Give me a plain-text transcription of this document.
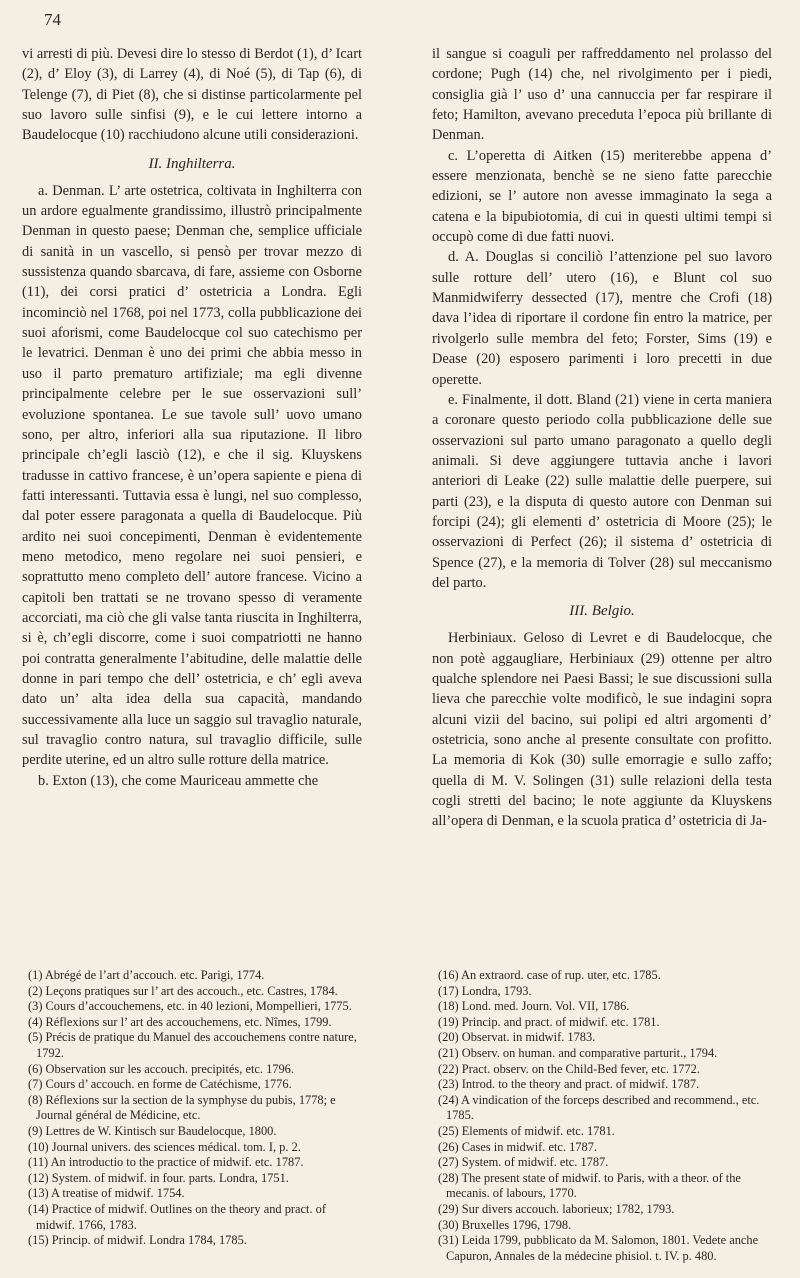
74

vi arresti di più. Devesi dire lo stesso di Berdot (1), d’ Icart (2), d’ Eloy (3), di Larrey (4), di Noé (5), di Tap (6), di Telenge (7), di Piet (8), che si distinse particolarmente pel suo lavoro sulle sinfisi (9), e le cui lettere intorno a Baudelocque (10) racchiudono alcune utili considerazioni.

II. Inghilterra.

a. Denman. L’ arte ostetrica, coltivata in Inghilterra con un ardore egualmente grandissimo, illustrò principalmente Denman in questo paese; Denman che, semplice ufficiale di sanità in un vascello, si pensò per trovar mezzo di sussistenza quando sbarcava, di fare, assieme con Osborne (11), dei corsi pratici d’ ostetricia a Londra. Egli incominciò nel 1768, poi nel 1773, colla pubblicazione dei suoi aforismi, come Baudelocque col suo catechismo per le levatrici. Denman è uno dei primi che abbia messo in uso il parto prematuro artifiziale; ma egli divenne principalmente celebre per le sue osservazioni sull’ evoluzione spontanea. Le sue tavole sull’ uovo umano sono, per altro, inferiori alla sua riputazione. Il libro principale ch’egli lasciò (12), e che il sig. Kluyskens tradusse in cattivo francese, è un’opera sapiente e piena di fatti interessanti. Tuttavia essa è lungi, nel suo complesso, dal poter essere paragonata a quella di Baudelocque. Più ardito nei suoi concepimenti, Denman è evidentemente meno metodico, meno regolare nei suoi pensieri, e soprattutto meno completo dell’ autore francese. Vicino a capitoli ben trattati se ne trovano spesso di veramente accorciati, ma ciò che gli valse tanta riuscita in Inghilterra, si è, ch’egli discorre, come i suoi compatriotti ne hanno poi contratta generalmente l’abitudine, delle malattie delle donne in pari tempo che dell’ ostetricia, e ch’ egli aveva dato un’ alta idea della sua capacità, mandando successivamente alla luce un saggio sul travaglio naturale, sul travaglio contro natura, sul travaglio difficile, sulle perdite uterine, ed un altro sulle rotture della matrice.

b. Exton (13), che come Mauriceau ammette che

il sangue si coaguli per raffreddamento nel prolasso del cordone; Pugh (14) che, nel rivolgimento per i piedi, consiglia già l’ uso d’ una cannuccia per far respirare il feto; Hamilton, avevano preceduta l’epoca più brillante di Denman.

c. L’operetta di Aitken (15) meriterebbe appena d’ essere menzionata, benchè se ne sieno fatte parecchie edizioni, se l’ autore non avesse immaginato la sega a catena e la bipubiotomia, di cui in questi ultimi tempi si occupò come di due fatti nuovi.

d. A. Douglas si conciliò l’attenzione pel suo lavoro sulle rotture dell’ utero (16), e Blunt col suo Manmidwiferry dessected (17), mentre che Crofi (18) dava l’idea di riportare il cordone fin entro la matrice, per rivolgerlo sulle membra del feto; Forster, Sims (19) e Dease (20) esposero parimenti i loro precetti in due operette.

e. Finalmente, il dott. Bland (21) viene in certa maniera a coronare questo periodo colla pubblicazione delle sue osservazioni sul parto umano paragonato a quello degli animali. Si deve aggiungere tuttavia anche i lavori anteriori di Leake (22) sulle malattie delle puerpere, sui parti (23), e la disputa di questo autore con Denman sui forcipi (24); gli elementi d’ ostetricia di Moore (25); le osservazioni di Perfect (26); il sistema d’ ostetricia di Spence (27), e la memoria di Tolver (28) sul meccanismo del parto.

III. Belgio.

Herbiniaux. Geloso di Levret e di Baudelocque, che non potè aggaugliare, Herbiniaux (29) ottenne per altro qualche splendore nei Paesi Bassi; le sue discussioni sulla lieva che parecchie volte modificò, le sue indagini sopra alcuni vizii del bacino, sui polipi ed altri argomenti d’ ostetricia, sono anche al presente consultate con profitto. La memoria di Kok (30) sulle emorragie e sullo zaffo; quella di M. V. Solingen (31) sulle relazioni della testa cogli stretti del bacino; le note aggiunte da Kluyskens all’opera di Denman, e la scuola pratica d’ ostetricia di Ja-

(1) Abrégé de l’art d’accouch. etc. Parigi, 1774.

(2) Leçons pratiques sur l’ art des accouch., etc. Castres, 1784.

(3) Cours d’accouchemens, etc. in 40 lezioni, Mompellieri, 1775.

(4) Réflexions sur l’ art des accouchemens, etc. Nîmes, 1799.

(5) Précis de pratique du Manuel des accouchemens contre nature, 1792.

(6) Observation sur les accouch. precipités, etc. 1796.

(7) Cours d’ accouch. en forme de Catéchisme, 1776.

(8) Réflexions sur la section de la symphyse du pubis, 1778; e Journal général de Médicine, etc.

(9) Lettres de W. Kintisch sur Baudelocque, 1800.

(10) Journal univers. des sciences médical. tom. I, p. 2.

(11) An introductio to the practice of midwif. etc. 1787.

(12) System. of midwif. in four. parts. Londra, 1751.

(13) A treatise of midwif. 1754.

(14) Practice of midwif. Outlines on the theory and pract. of midwif. 1766, 1783.

(15) Princip. of midwif. Londra 1784, 1785.

(16) An extraord. case of rup. uter, etc. 1785.

(17) Londra, 1793.

(18) Lond. med. Journ. Vol. VII, 1786.

(19) Princip. and pract. of midwif. etc. 1781.

(20) Observat. in midwif. 1783.

(21) Observ. on human. and comparative parturit., 1794.

(22) Pract. observ. on the Child-Bed fever, etc. 1772.

(23) Introd. to the theory and pract. of midwif. 1787.

(24) A vindication of the forceps described and recommend., etc. 1785.

(25) Elements of midwif. etc. 1781.

(26) Cases in midwif. etc. 1787.

(27) System. of midwif. etc. 1787.

(28) The present state of midwif. to Paris, with a theor. of the mecanis. of labours, 1770.

(29) Sur divers accouch. laborieux; 1782, 1793.

(30) Bruxelles 1796, 1798.

(31) Leida 1799, pubblicato da M. Salomon, 1801. Vedete anche Capuron, Annales de la médecine phisiol. t. IV. p. 480.
